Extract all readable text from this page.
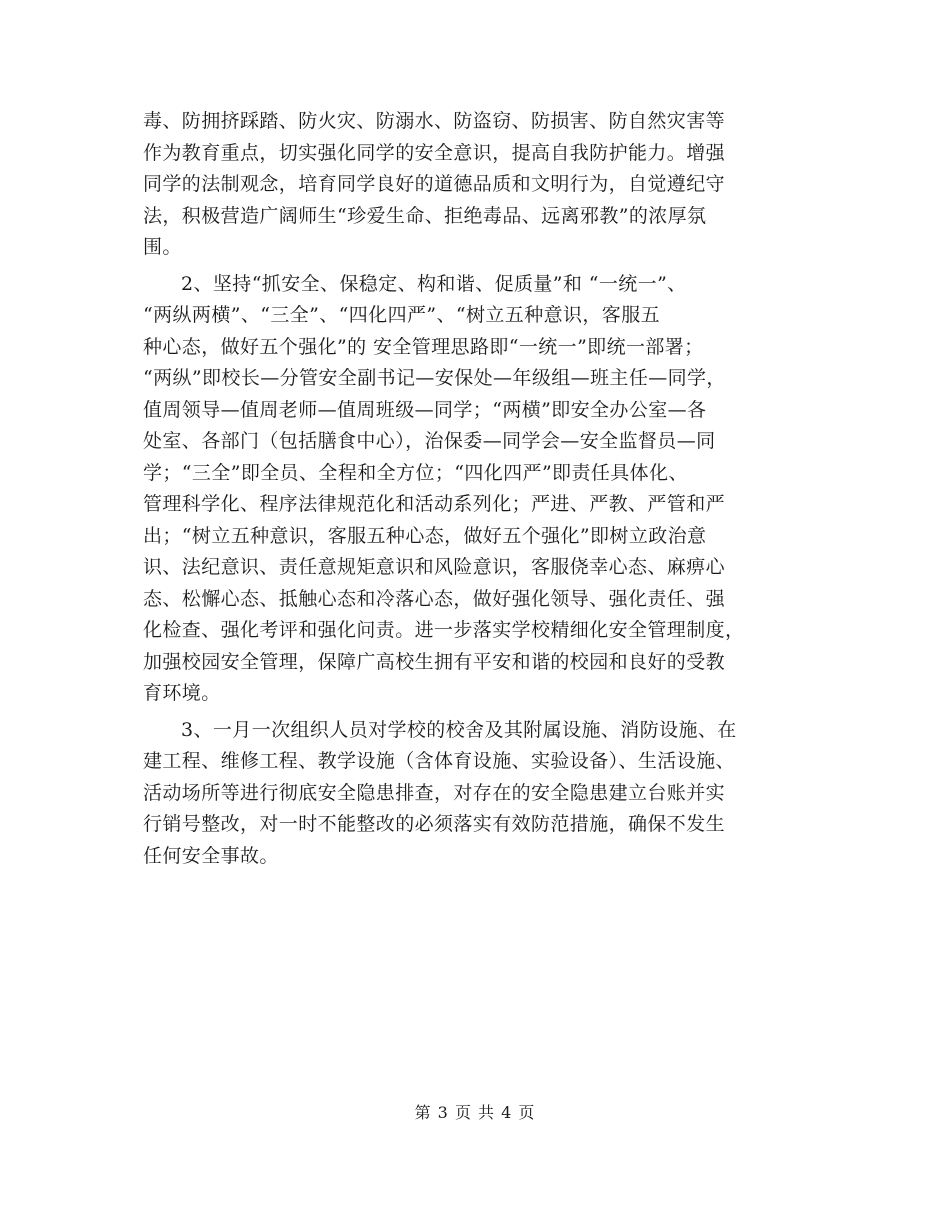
毒、防拥挤踩踏、防火灾、防溺水、防盗窃、防损害、防自然灾害等
作为教育重点，切实强化同学的安全意识，提高自我防护能力。增强
同学的法制观念，培育同学良好的道德品质和文明行为，自觉遵纪守
法，积极营造广阔师生“珍爱生命、拒绝毒品、远离邪教”的浓厚氛
围。
2、坚持“抓安全、保稳定、构和谐、促质量”和 “一统一”、
“两纵两横”、“三全”、“四化四严”、“树立五种意识，客服五
种心态，做好五个强化”的 安全管理思路即“一统一”即统一部署；
“两纵”即校长—分管安全副书记—安保处—年级组—班主任—同学，
值周领导—值周老师—值周班级—同学；“两横”即安全办公室—各
处室、各部门（包括膳食中心），治保委—同学会—安全监督员—同
学；“三全”即全员、全程和全方位；“四化四严”即责任具体化、
管理科学化、程序法律规范化和活动系列化；严进、严教、严管和严
出；“树立五种意识，客服五种心态，做好五个强化”即树立政治意
识、法纪意识、责任意规矩意识和风险意识，客服侥幸心态、麻痹心
态、松懈心态、抵触心态和冷落心态，做好强化领导、强化责任、强
化检查、强化考评和强化问责。进一步落实学校精细化安全管理制度，
加强校园安全管理，保障广高校生拥有平安和谐的校园和良好的受教
育环境。
3、一月一次组织人员对学校的校舍及其附属设施、消防设施、在
建工程、维修工程、教学设施（含体育设施、实验设备）、生活设施、
活动场所等进行彻底安全隐患排查，对存在的安全隐患建立台账并实
行销号整改，对一时不能整改的必须落实有效防范措施，确保不发生
任何安全事故。
第 3 页 共 4 页
